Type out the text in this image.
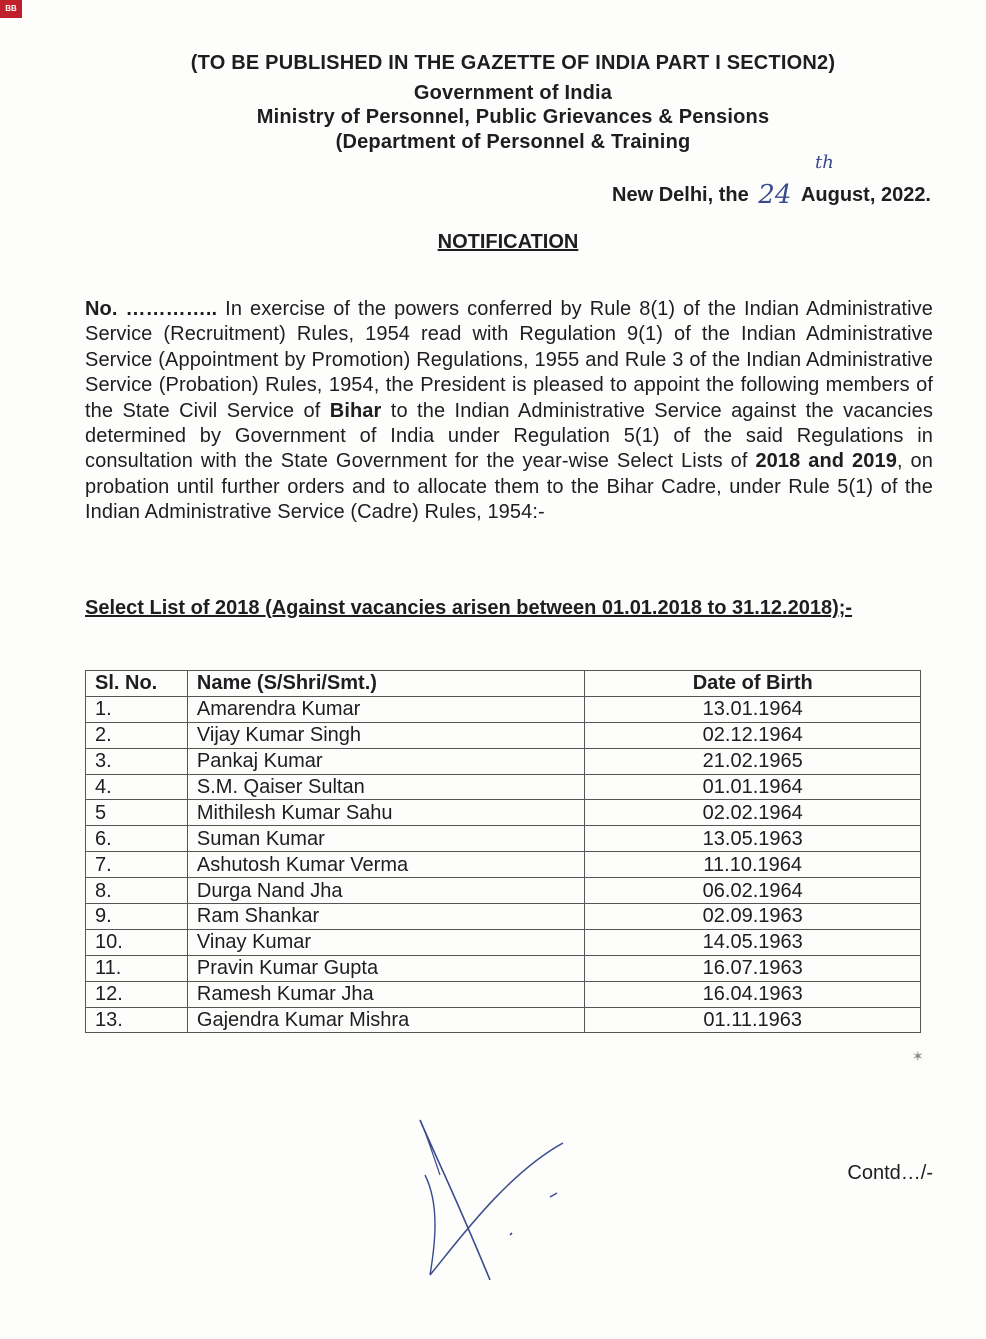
BB
(TO BE PUBLISHED IN THE GAZETTE OF INDIA PART I SECTION2)
Government of India
Ministry of Personnel, Public Grievances & Pensions
(Department of Personnel & Training
New Delhi, the 24
th
August, 2022.
NOTIFICATION
No. ………….. In exercise of the powers conferred by Rule 8(1) of the Indian Administrative Service (Recruitment) Rules, 1954 read with Regulation 9(1) of the Indian Administrative Service (Appointment by Promotion) Regulations, 1955 and Rule 3 of the Indian Administrative Service (Probation) Rules, 1954, the President is pleased to appoint the following members of the State Civil Service of Bihar to the Indian Administrative Service against the vacancies determined by Government of India under Regulation 5(1) of the said Regulations in consultation with the State Government for the year-wise Select Lists of 2018 and 2019, on probation until further orders and to allocate them to the Bihar Cadre, under Rule 5(1) of the Indian Administrative Service (Cadre) Rules, 1954:-
Select List of 2018 (Against vacancies arisen between 01.01.2018 to 31.12.2018);-
Sl. No.	Name (S/Shri/Smt.)	Date of Birth
1.	Amarendra Kumar	13.01.1964
2.	Vijay Kumar Singh	02.12.1964
3.	Pankaj Kumar	21.02.1965
4.	S.M. Qaiser Sultan	01.01.1964
5	Mithilesh Kumar Sahu	02.02.1964
6.	Suman Kumar	13.05.1963
7.	Ashutosh Kumar Verma	11.10.1964
8.	Durga Nand Jha	06.02.1964
9.	Ram Shankar	02.09.1963
10.	Vinay Kumar	14.05.1963
11.	Pravin Kumar Gupta	16.07.1963
12.	Ramesh Kumar Jha	16.04.1963
13.	Gajendra Kumar Mishra	01.11.1963
✶
Contd…/-
